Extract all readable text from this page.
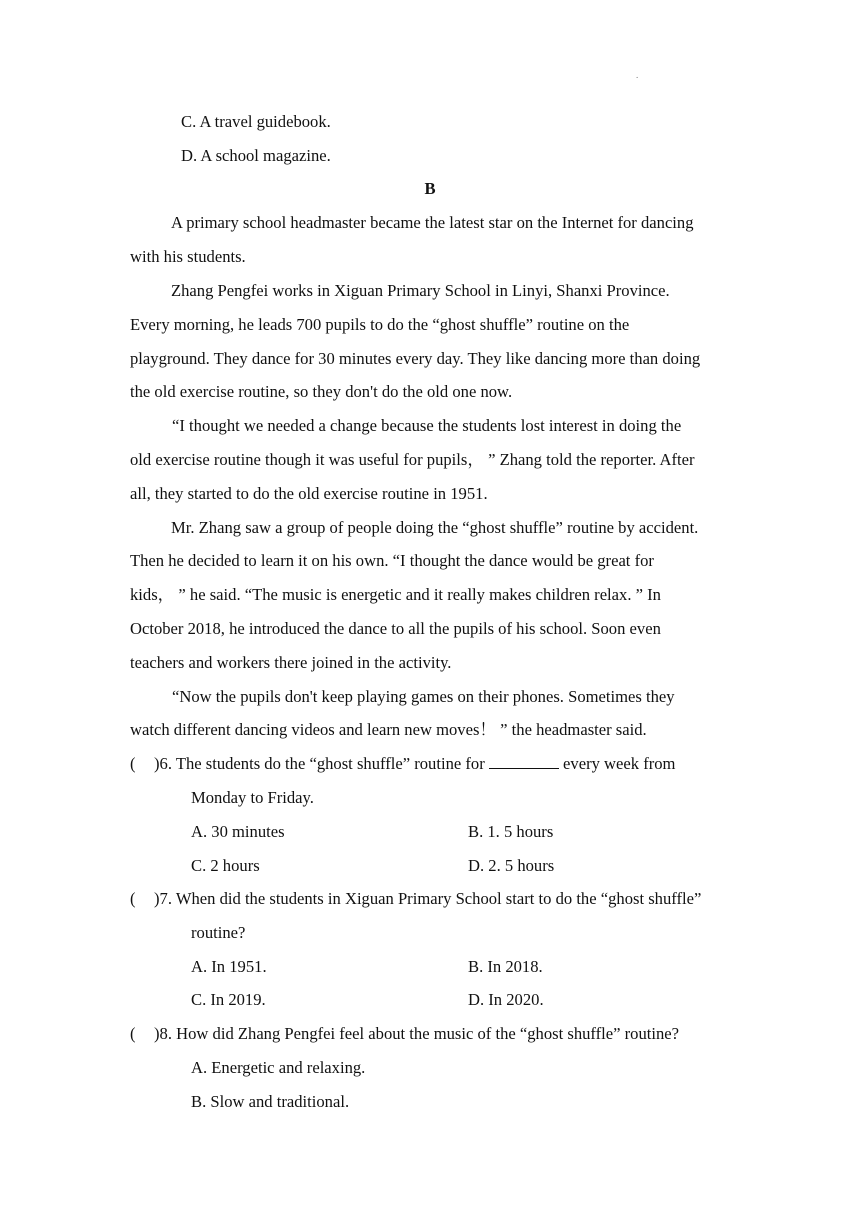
.
C. A travel guidebook.
D. A school magazine.
B
A primary school headmaster became the latest star on the Internet for dancing
with his students.
Zhang Pengfei works in Xiguan Primary School in Linyi, Shanxi Province.
Every morning, he leads 700 pupils to do the “ghost shuffle” routine on the
playground. They dance for 30 minutes every day. They like dancing more than doing
the old exercise routine, so they don't do the old one now.
“I thought we needed a change because the students lost interest in doing the
old exercise routine though it was useful for pupils， ” Zhang told the reporter. After
all, they started to do the old exercise routine in 1951.
Mr. Zhang saw a group of people doing the “ghost shuffle” routine by accident.
Then he decided to learn it on his own. “I thought the dance would be great for
kids， ” he said. “The music is energetic and it really makes children relax. ” In
October 2018, he introduced the dance to all the pupils of his school. Soon even
teachers and workers there joined in the activity.
“Now the pupils don't keep playing games on their phones. Sometimes they
watch different dancing videos and learn new moves！ ” the headmaster said.
( )6. The students do the “ghost shuffle” routine for	every week from
Monday to Friday.
A. 30 minutes	B. 1. 5 hours
C. 2 hours	D. 2. 5 hours
( )7. When did the students in Xiguan Primary School start to do the “ghost shuffle”
routine?
A. In 1951.	B. In 2018.
C. In 2019.	D. In 2020.
( )8. How did Zhang Pengfei feel about the music of the “ghost shuffle” routine?
A. Energetic and relaxing.
B. Slow and traditional.
